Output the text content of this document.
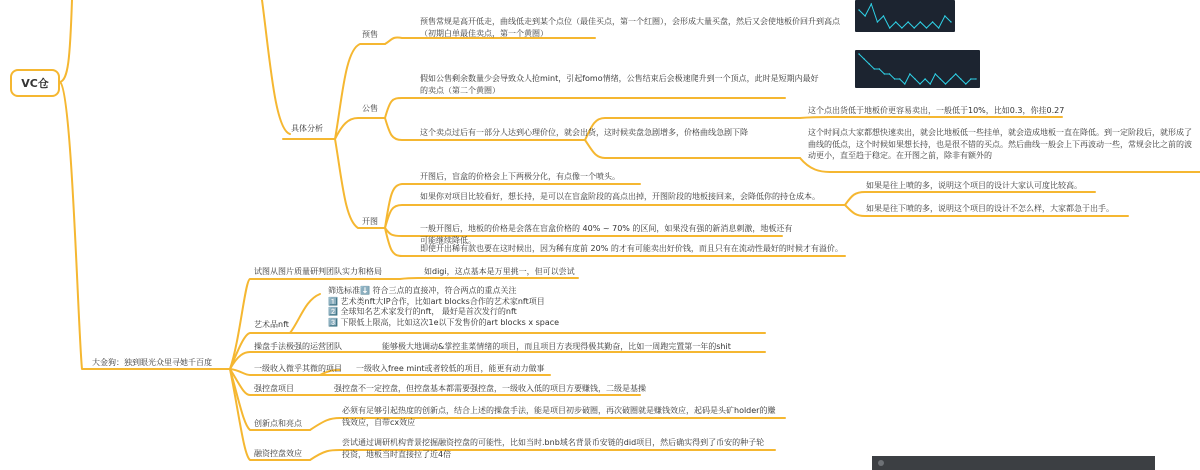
VC仓
具体分析
预售
公售
开图
预售常规是高开低走，曲线低走到某个点位（最佳买点，第一个红圈），会形成大量买盘，然后又会使地板价回升到高点（初期白单最佳卖点，第一个黄圈）
假如公售剩余数量少会导致众人抢mint，引起fomo情绪，公售结束后会极速爬升到一个顶点，此时是短期内最好的卖点（第二个黄圈）
这个卖点过后有一部分人达到心理价位，就会出货，这时候卖盘急剧增多，价格曲线急剧下降
这个点出货低于地板价更容易卖出，一般低于10%，比如0.3，你挂0.27
这个时间点大家都想快速卖出，就会比地板低一些挂单，就会造成地板一直在降低。到一定阶段后，就形成了曲线的低点，这个时候如果想长持，也是很不错的买点。然后曲线一般会上下再波动一些，常规会比之前的波动更小，直至趋于稳定。在开图之前，除非有额外的
开图后，盲盒的价格会上下两极分化，有点像一个喷头。
如果你对项目比较看好，想长持，是可以在盲盒阶段的高点出掉，开图阶段的地板接回来，会降低你的持仓成本。
如果是往上喷的多，说明这个项目的设计大家认可度比较高。
如果是往下喷的多，说明这个项目的设计不怎么样，大家都急于出手。
一般开图后，地板的价格是会落在盲盒价格的 40% ~ 70% 的区间，如果没有强的新消息刺激，地板还有可能继续降低。
即使开出稀有款也要在这时候出，因为稀有度前 20% 的才有可能卖出好价钱，而且只有在流动性最好的时候才有溢价。
大金狗：独到眼光众里寻她千百度
试图从图片质量研判团队实力和格局	如digi，这点基本是万里挑一，但可以尝试
艺术品nft
筛选标准⬇️ 符合三点的直接冲，符合两点的重点关注
1️⃣ 艺术类nft大IP合作，比如art blocks合作的艺术家nft项目
2️⃣ 全球知名艺术家发行的nft， 最好是首次发行的nft
3️⃣ 下限低上限高，比如这次1e以下发售价的art blocks x space
操盘手法极强的运营团队	能够极大地调动&掌控韭菜情绪的项目，而且项目方表现得极其勤奋，比如一周跑完置第一年的shit
一级收入微乎其微的项目 一级收入free mint或者较低的项目，能更有动力做事
强控盘项目	强控盘不一定控盘，但控盘基本都需要强控盘，一级收入低的项目方要赚钱，二级是基操
创新点和亮点
必须有足够引起热度的创新点，结合上述的操盘手法，能是项目初步破圈，再次破圈就是赚钱效应，起码是头矿holder的赚钱效应，自带cx效应
融资控盘效应
尝试通过调研机构背景挖掘融资控盘的可能性，比如当时.bnb域名背景币安链的did项目，然后确实得到了币安的种子轮投资，地板当时直接拉了近4倍
